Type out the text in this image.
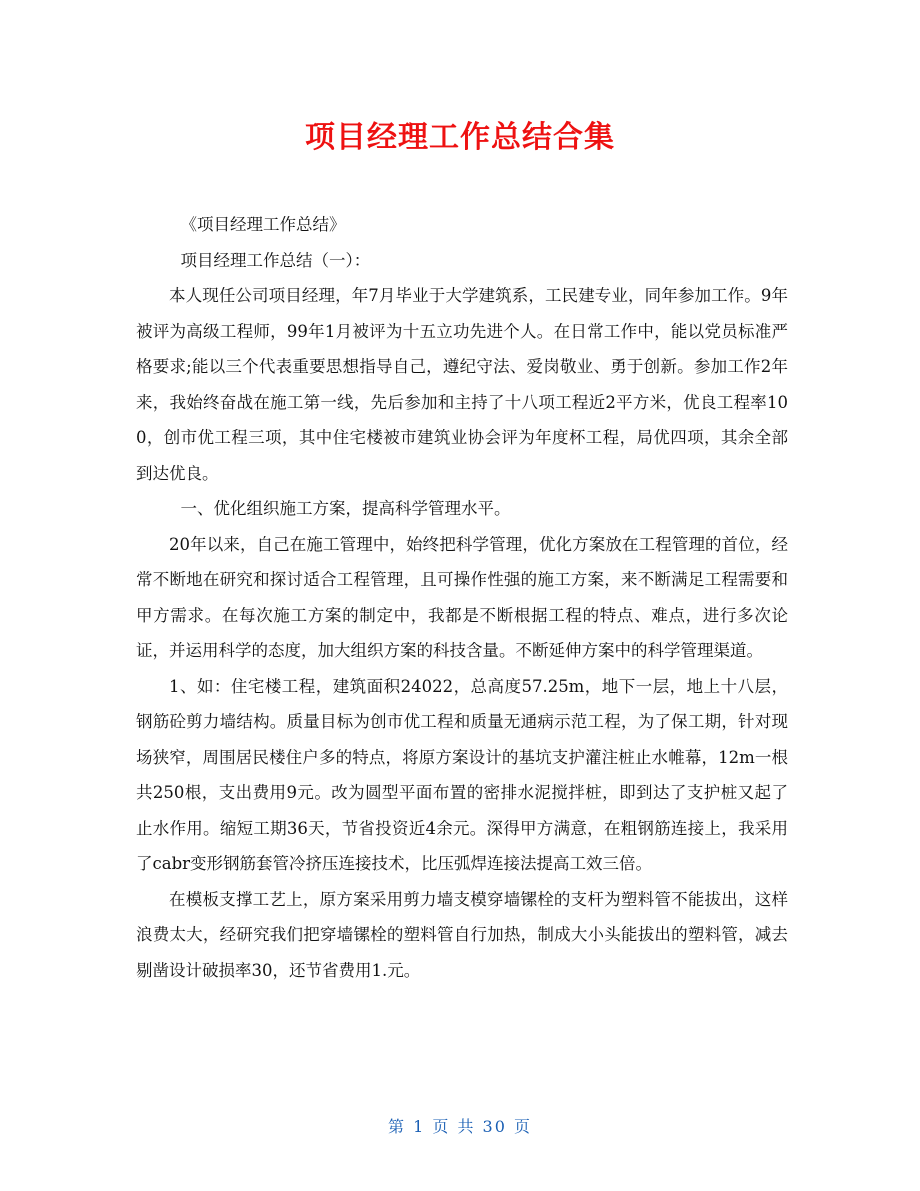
项目经理工作总结合集

《项目经理工作总结》

项目经理工作总结（一）：

本人现任公司项目经理，年7月毕业于大学建筑系，工民建专业，同年参加工作。9年被评为高级工程师，99年1月被评为十五立功先进个人。在日常工作中，能以党员标准严格要求;能以三个代表重要思想指导自己，遵纪守法、爱岗敬业、勇于创新。参加工作2年来，我始终奋战在施工第一线，先后参加和主持了十八项工程近2平方米，优良工程率100，创市优工程三项，其中住宅楼被市建筑业协会评为年度杯工程，局优四项，其余全部到达优良。

一、优化组织施工方案，提高科学管理水平。

20年以来，自己在施工管理中，始终把科学管理，优化方案放在工程管理的首位，经常不断地在研究和探讨适合工程管理，且可操作性强的施工方案，来不断满足工程需要和甲方需求。在每次施工方案的制定中，我都是不断根据工程的特点、难点，进行多次论证，并运用科学的态度，加大组织方案的科技含量。不断延伸方案中的科学管理渠道。

1、如：住宅楼工程，建筑面积24022，总高度57.25m，地下一层，地上十八层，钢筋砼剪力墙结构。质量目标为创市优工程和质量无通病示范工程，为了保工期，针对现场狭窄，周围居民楼住户多的特点，将原方案设计的基坑支护灌注桩止水帷幕，12m一根共250根，支出费用9元。改为圆型平面布置的密排水泥搅拌桩，即到达了支护桩又起了止水作用。缩短工期36天，节省投资近4余元。深得甲方满意，在粗钢筋连接上，我采用了cabr变形钢筋套管冷挤压连接技术，比压弧焊连接法提高工效三倍。

在模板支撑工艺上，原方案采用剪力墙支模穿墙镙栓的支杆为塑料管不能拔出，这样浪费太大，经研究我们把穿墙镙栓的塑料管自行加热，制成大小头能拔出的塑料管，减去剔凿设计破损率30，还节省费用1.元。

第 1 页 共 30 页
